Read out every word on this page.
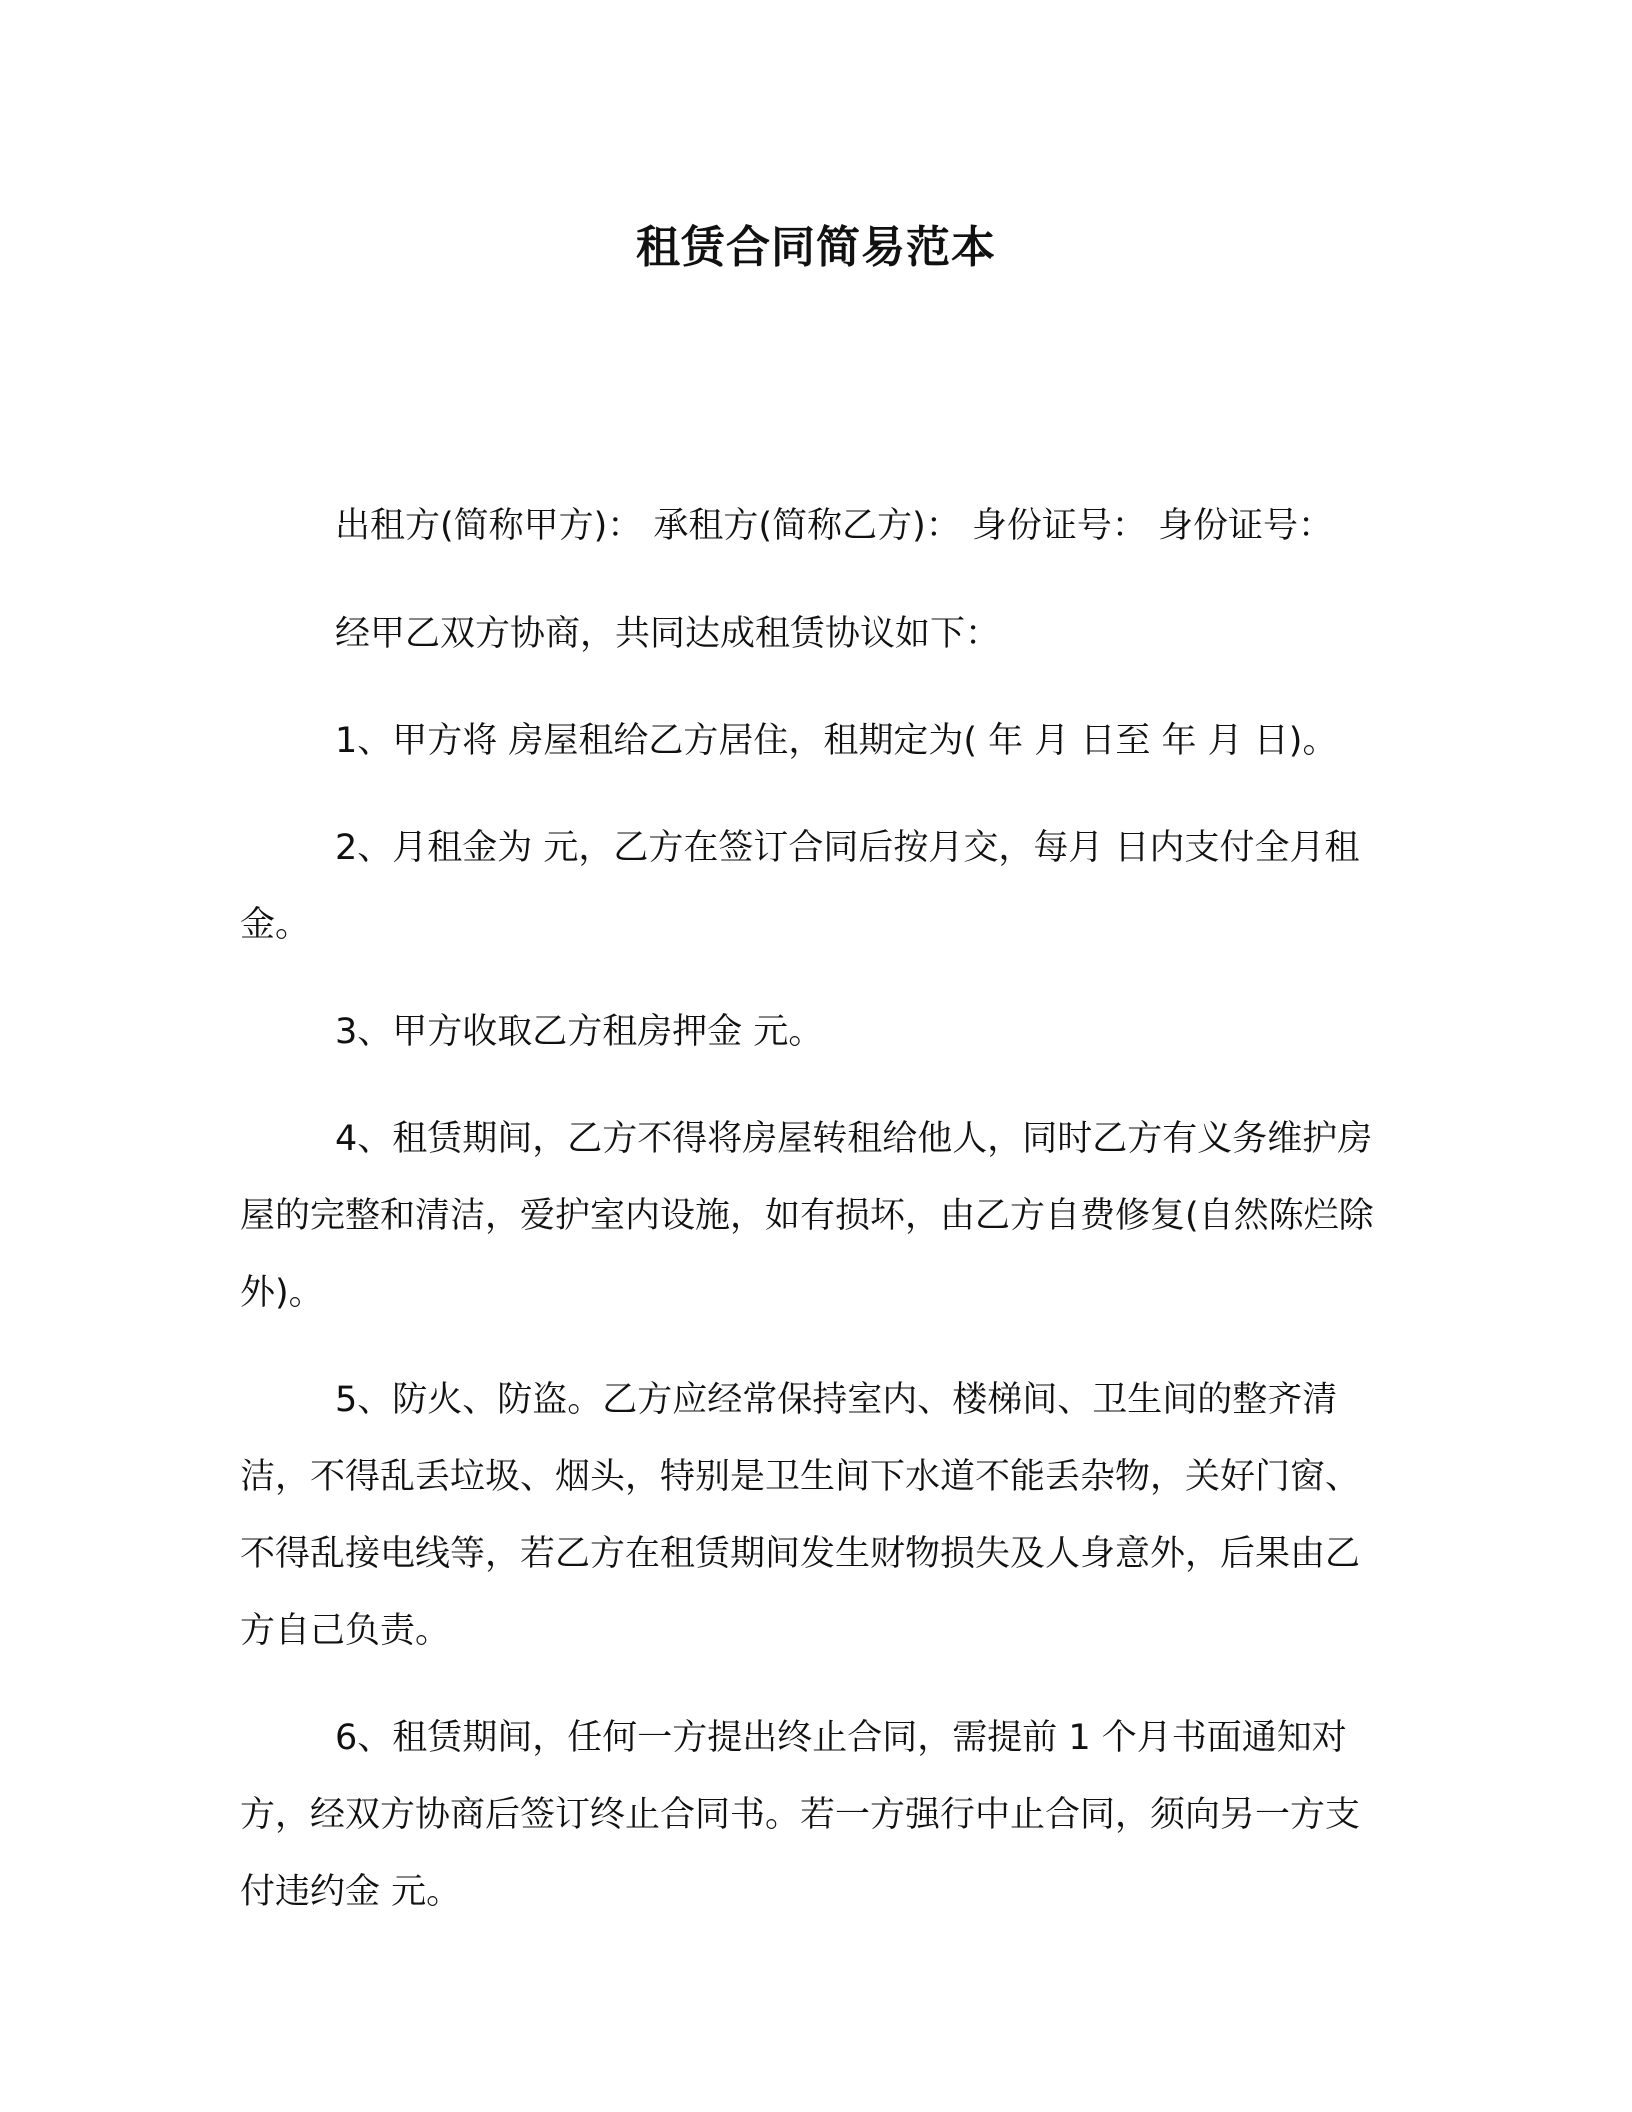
租赁合同简易范本

出租方(简称甲方)： 承租方(简称乙方)： 身份证号： 身份证号：

经甲乙双方协商，共同达成租赁协议如下：

1、甲方将 房屋租给乙方居住，租期定为( 年 月 日至 年 月 日)。

2、月租金为 元，乙方在签订合同后按月交，每月 日内支付全月租金。

3、甲方收取乙方租房押金 元。

4、租赁期间，乙方不得将房屋转租给他人，同时乙方有义务维护房屋的完整和清洁，爱护室内设施，如有损坏，由乙方自费修复(自然陈烂除外)。

5、防火、防盗。乙方应经常保持室内、楼梯间、卫生间的整齐清洁，不得乱丢垃圾、烟头，特别是卫生间下水道不能丢杂物，关好门窗、不得乱接电线等，若乙方在租赁期间发生财物损失及人身意外，后果由乙方自己负责。

6、租赁期间，任何一方提出终止合同，需提前 1 个月书面通知对方，经双方协商后签订终止合同书。若一方强行中止合同，须向另一方支付违约金 元。
